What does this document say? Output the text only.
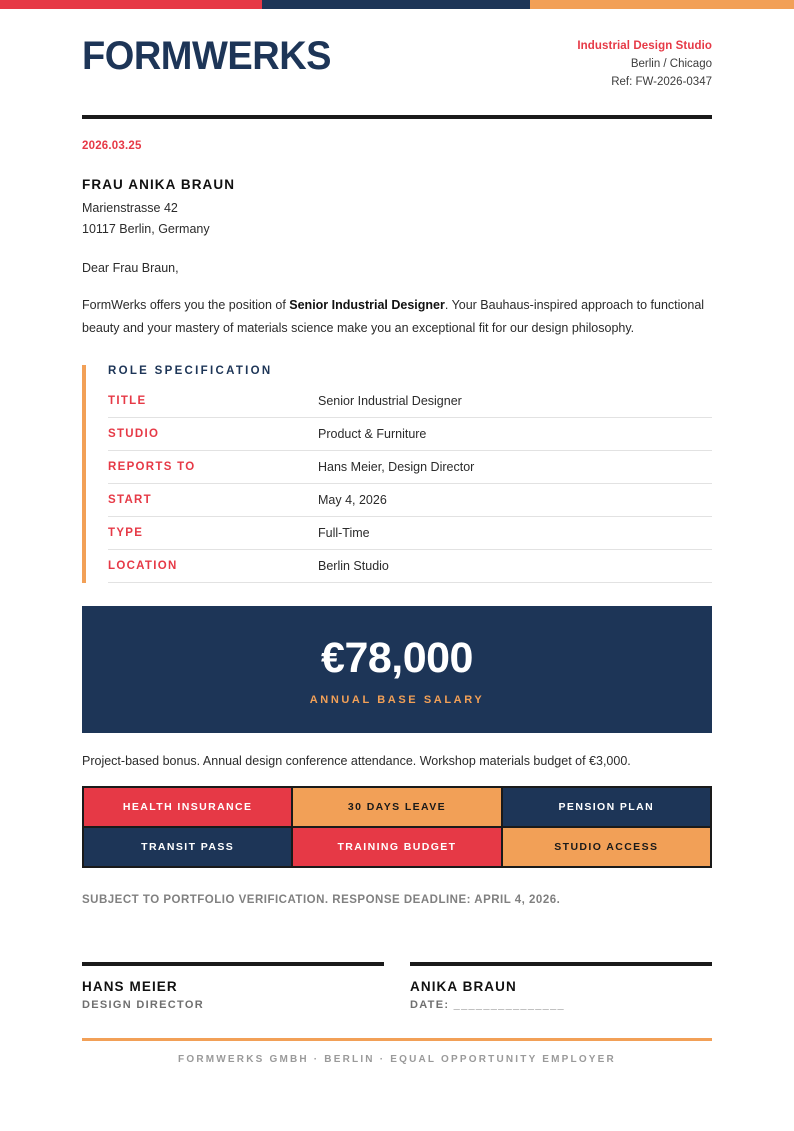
FORMWERKS	Industrial Design Studio
Berlin / Chicago
Ref: FW-2026-0347
2026.03.25
FRAU ANIKA BRAUN
Marienstrasse 42
10117 Berlin, Germany
Dear Frau Braun,

FormWerks offers you the position of Senior Industrial Designer. Your Bauhaus-inspired approach to functional beauty and your mastery of materials science make you an exceptional fit for our design philosophy.

ROLE SPECIFICATION
TITLE	Senior Industrial Designer
STUDIO	Product & Furniture
REPORTS TO	Hans Meier, Design Director
START	May 4, 2026
TYPE	Full-Time
LOCATION	Berlin Studio
€78,000
ANNUAL BASE SALARY
Project-based bonus. Annual design conference attendance. Workshop materials budget of €3,000.
HEALTH INSURANCE	30 DAYS LEAVE	PENSION PLAN
TRANSIT PASS	TRAINING BUDGET	STUDIO ACCESS
SUBJECT TO PORTFOLIO VERIFICATION. RESPONSE DEADLINE: APRIL 4, 2026.
HANS MEIER
DESIGN DIRECTOR
ANIKA BRAUN
DATE: _______________
FORMWERKS GMBH · BERLIN · EQUAL OPPORTUNITY EMPLOYER
